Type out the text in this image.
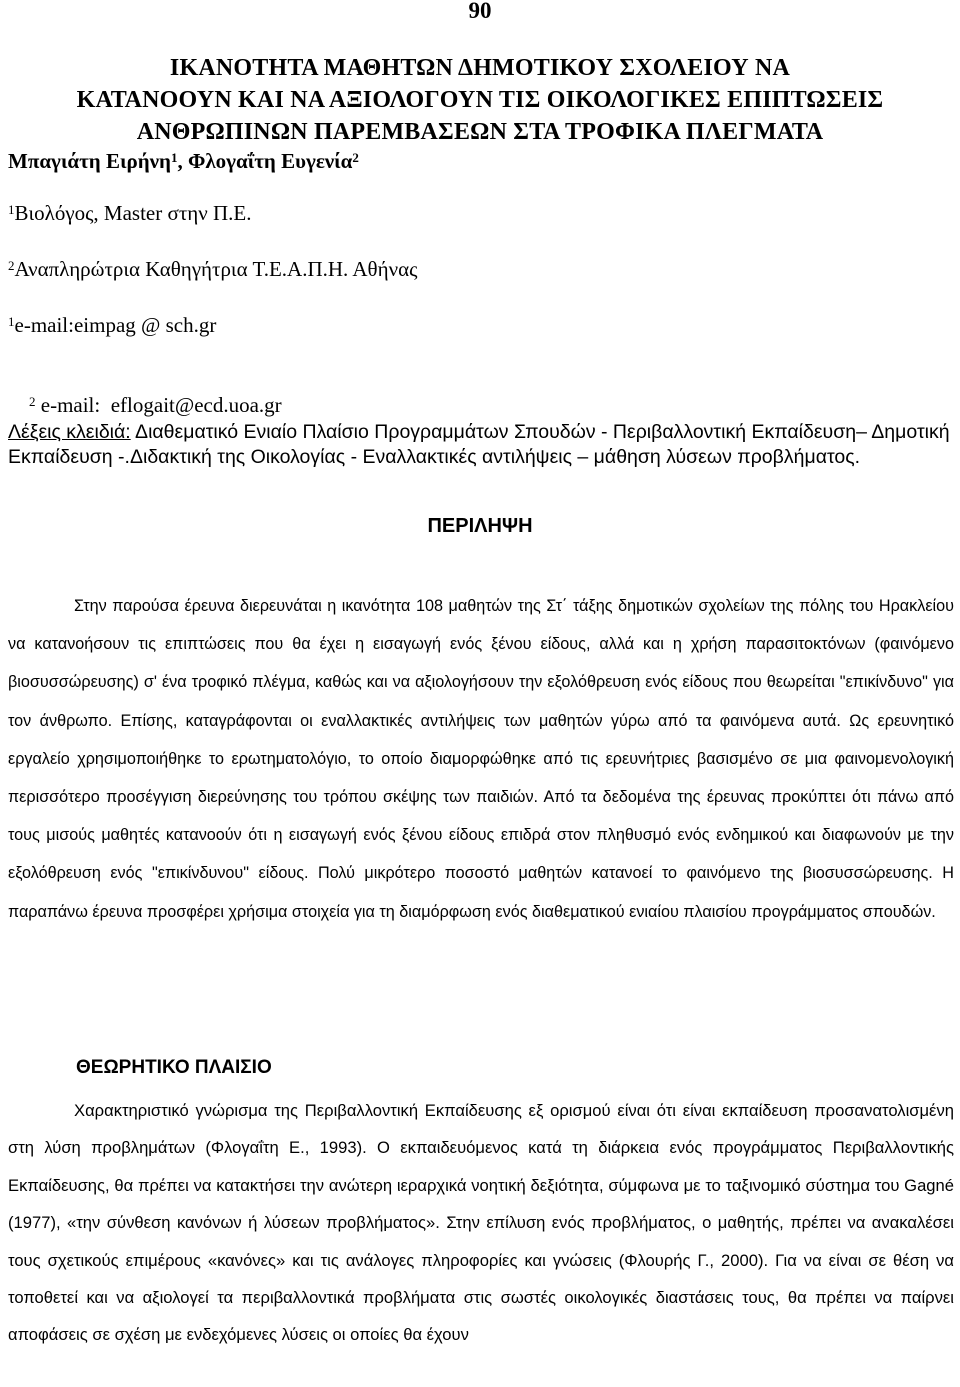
90
ΙΚΑΝΟΤΗΤΑ ΜΑΘΗΤΩΝ ΔΗΜΟΤΙΚΟΥ ΣΧΟΛΕΙΟΥ ΝΑ
ΚΑΤΑΝΟΟΥΝ ΚΑΙ ΝΑ ΑΞΙΟΛΟΓΟΥΝ ΤΙΣ ΟΙΚΟΛΟΓΙΚΕΣ ΕΠΙΠΤΩΣΕΙΣ
ΑΝΘΡΩΠΙΝΩΝ ΠΑΡΕΜΒΑΣΕΩΝ ΣΤΑ ΤΡΟΦΙΚΑ ΠΛΕΓΜΑΤΑ
Μπαγιάτη Ειρήνη$^1$, Φλογαΐτη Ευγενία$^2$
$^1$Βιολόγος, Master στην Π.Ε.
$^2$Αναπληρώτρια Καθηγήτρια Τ.Ε.Α.Π.Η. Αθήνας
$^1$e-mail:eimpag @ sch.gr

$^2$ e-mail:  eflogait@ecd.uoa.gr

Λέξεις κλειδιά: Διαθεματικό Ενιαίο Πλαίσιο Προγραμμάτων Σπουδών - Περιβαλλοντική Εκπαίδευση– Δημοτική Εκπαίδευση -.Διδακτική της Οικολογίας - Εναλλακτικές αντιλήψεις – μάθηση λύσεων προβλήματος.
ΠΕΡΙΛΗΨΗ
Στην παρούσα έρευνα διερευνάται η ικανότητα 108 μαθητών της Στ΄ τάξης δημοτικών σχολείων της πόλης του Ηρακλείου να κατανοήσουν τις επιπτώσεις που θα έχει η εισαγωγή ενός ξένου είδους, αλλά και η χρήση παρασιτοκτόνων (φαινόμενο βιοσυσσώρευσης) σ' ένα τροφικό πλέγμα, καθώς και να αξιολογήσουν την εξολόθρευση ενός είδους που θεωρείται "επικίνδυνο" για τον άνθρωπο. Επίσης, καταγράφονται οι εναλλακτικές αντιλήψεις των μαθητών γύρω από τα φαινόμενα αυτά. Ως ερευνητικό εργαλείο χρησιμοποιήθηκε το ερωτηματολόγιο, το οποίο διαμορφώθηκε από τις ερευνήτριες βασισμένο σε μια φαινομενολογική περισσότερο προσέγγιση διερεύνησης του τρόπου σκέψης των παιδιών. Από τα δεδομένα της έρευνας προκύπτει ότι πάνω από τους μισούς μαθητές κατανοούν ότι η εισαγωγή ενός ξένου είδους επιδρά στον πληθυσμό ενός ενδημικού και διαφωνούν με την εξολόθρευση ενός "επικίνδυνου" είδους. Πολύ μικρότερο ποσοστό μαθητών κατανοεί το φαινόμενο της βιοσυσσώρευσης. Η παραπάνω έρευνα προσφέρει χρήσιμα στοιχεία για τη διαμόρφωση ενός διαθεματικού ενιαίου πλαισίου προγράμματος σπουδών.
ΘΕΩΡΗΤΙΚΟ ΠΛΑΙΣΙΟ
Χαρακτηριστικό γνώρισμα της Περιβαλλοντική Εκπαίδευσης εξ ορισμού είναι ότι είναι εκπαίδευση προσανατολισμένη στη λύση προβλημάτων (Φλογαΐτη Ε., 1993). Ο εκπαιδευόμενος κατά τη διάρκεια ενός προγράμματος Περιβαλλοντικής Εκπαίδευσης, θα πρέπει να κατακτήσει την ανώτερη ιεραρχικά νοητική δεξιότητα, σύμφωνα με το ταξινομικό σύστημα του Gagné (1977), «την σύνθεση κανόνων ή λύσεων προβλήματος». Στην επίλυση ενός προβλήματος, ο μαθητής, πρέπει να ανακαλέσει τους σχετικούς επιμέρους «κανόνες» και τις ανάλογες πληροφορίες και γνώσεις (Φλουρής Γ., 2000). Για να είναι σε θέση να τοποθετεί και να αξιολογεί τα περιβαλλοντικά προβλήματα στις σωστές οικολογικές διαστάσεις τους, θα πρέπει να παίρνει αποφάσεις σε σχέση με ενδεχόμενες λύσεις οι οποίες θα έχουν
